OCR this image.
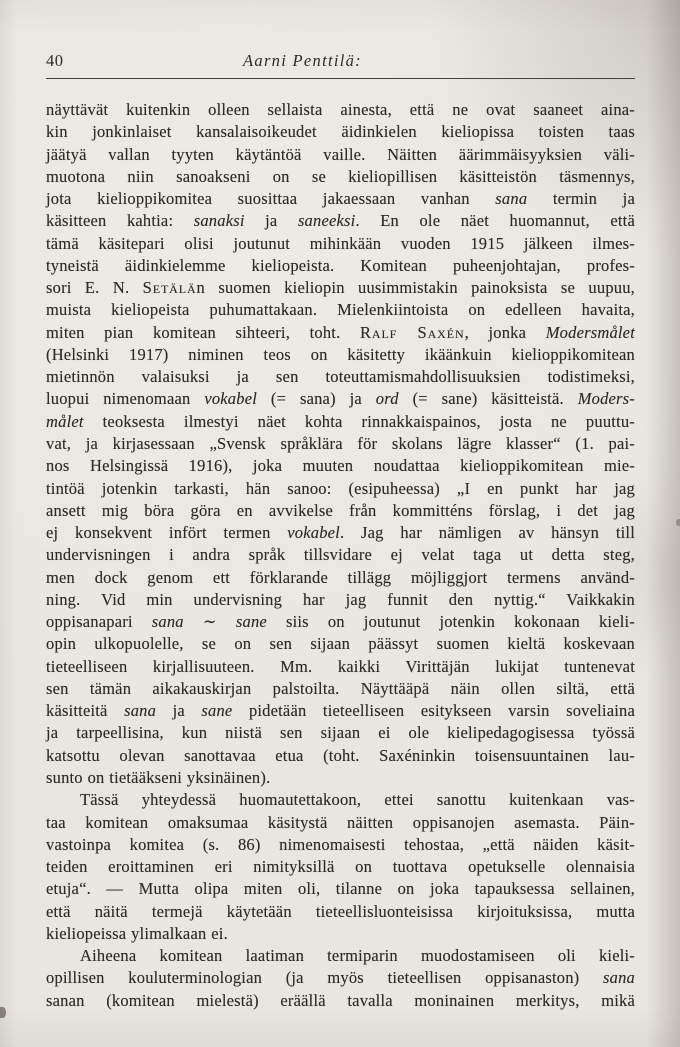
40	Aarni Penttilä:
näyttävät kuitenkin olleen sellaista ainesta, että ne ovat saaneet aina-
kin jonkinlaiset kansalaisoikeudet äidinkielen kieliopissa toisten taas
jäätyä vallan tyyten käytäntöä vaille. Näitten äärimmäisyyksien väli-
muotona niin sanoakseni on se kieliopillisen käsitteistön täsmennys,
jota kielioppikomitea suosittaa jakaessaan vanhan sana termin ja
käsitteen kahtia: sanaksi ja saneeksi. En ole näet huomannut, että
tämä käsitepari olisi joutunut mihinkään vuoden 1915 jälkeen ilmes-
tyneistä äidinkielemme kieliopeista. Komitean puheenjohtajan, profes-
sori E. N. Setälän suomen kieliopin uusimmistakin painoksista se uupuu,
muista kieliopeista puhumattakaan. Mielenkiintoista on edelleen havaita,
miten pian komitean sihteeri, toht. Ralf Saxén, jonka Modersmålet
(Helsinki 1917) niminen teos on käsitetty ikäänkuin kielioppikomitean
mietinnön valaisuksi ja sen toteuttamismahdollisuuksien todistimeksi,
luopui nimenomaan vokabel (= sana) ja ord (= sane) käsitteistä. Moders-
målet teoksesta ilmestyi näet kohta rinnakkaispainos, josta ne puuttu-
vat, ja kirjasessaan „Svensk språklära för skolans lägre klasser“ (1. pai-
nos Helsingissä 1916), joka muuten noudattaa kielioppikomitean mie-
tintöä jotenkin tarkasti, hän sanoo: (esipuheessa) „I en punkt har jag
ansett mig böra göra en avvikelse från kommitténs förslag, i det jag
ej konsekvent infört termen vokabel. Jag har nämligen av hänsyn till
undervisningen i andra språk tillsvidare ej velat taga ut detta steg,
men dock genom ett förklarande tillägg möjliggjort termens använd-
ning. Vid min undervisning har jag funnit den nyttig.“ Vaikkakin
oppisanapari sana ∼ sane siis on joutunut jotenkin kokonaan kieli-
opin ulkopuolelle, se on sen sijaan päässyt suomen kieltä koskevaan
tieteelliseen kirjallisuuteen. Mm. kaikki Virittäjän lukijat tuntenevat
sen tämän aikakauskirjan palstoilta. Näyttääpä näin ollen siltä, että
käsitteitä sana ja sane pidetään tieteelliseen esitykseen varsin soveliaina
ja tarpeellisina, kun niistä sen sijaan ei ole kielipedagogisessa työssä
katsottu olevan sanottavaa etua (toht. Saxéninkin toisensuuntainen lau-
sunto on tietääkseni yksinäinen).
Tässä yhteydessä huomautettakoon, ettei sanottu kuitenkaan vas-
taa komitean omaksumaa käsitystä näitten oppisanojen asemasta. Päin-
vastoinpa komitea (s. 86) nimenomaisesti tehostaa, „että näiden käsit-
teiden eroittaminen eri nimityksillä on tuottava opetukselle olennaisia
etuja“. — Mutta olipa miten oli, tilanne on joka tapauksessa sellainen,
että näitä termejä käytetään tieteellisluonteisissa kirjoituksissa, mutta
kieliopeissa ylimalkaan ei.
Aiheena komitean laatiman termiparin muodostamiseen oli kieli-
opillisen kouluterminologian (ja myös tieteellisen oppisanaston) sana
sanan (komitean mielestä) eräällä tavalla moninainen merkitys, mikä
